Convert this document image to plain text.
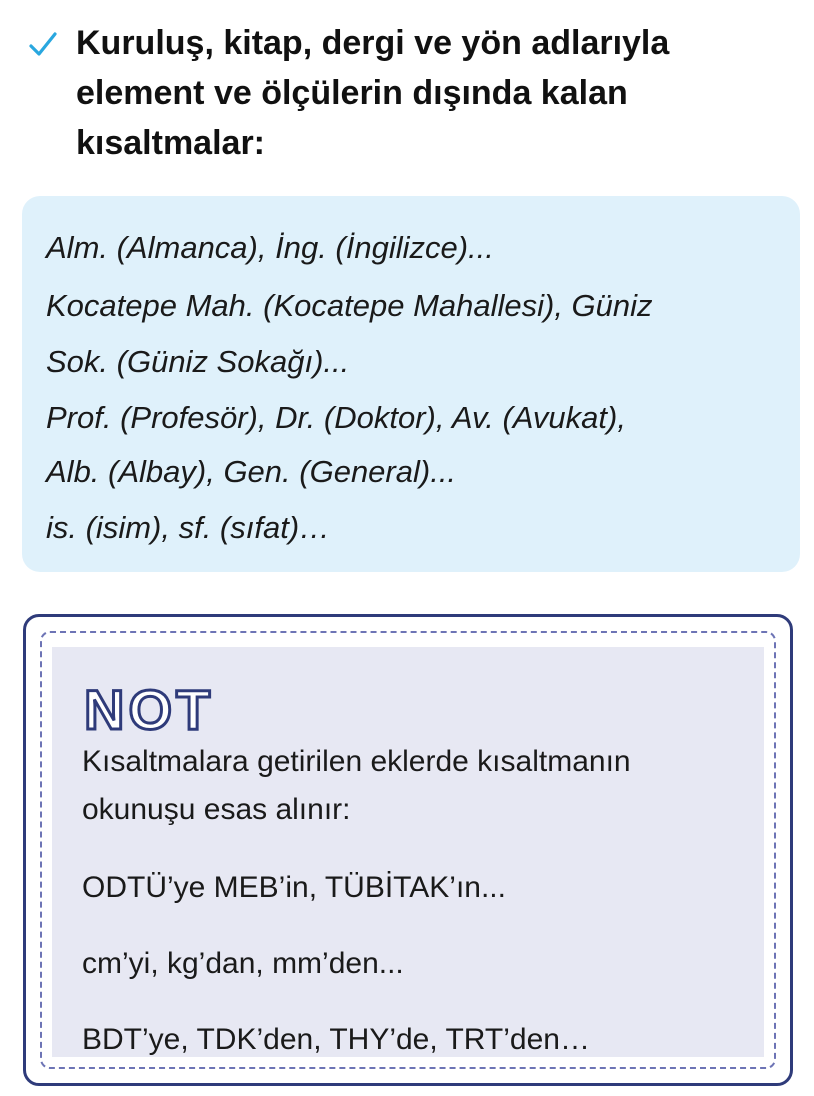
Kuruluş, kitap, dergi ve yön adlarıyla
element ve ölçülerin dışında kalan
kısaltmalar:
Alm. (Almanca), İng. (İngilizce)...
Kocatepe Mah. (Kocatepe Mahallesi), Güniz
Sok. (Güniz Sokağı)...
Prof. (Profesör), Dr. (Doktor), Av. (Avukat),
Alb. (Albay), Gen. (General)...
is. (isim), sf. (sıfat)…
NOT
Kısaltmalara getirilen eklerde kısaltmanın
okunuşu esas alınır:
ODTÜ’ye MEB’in, TÜBİTAK’ın...
cm’yi, kg’dan, mm’den...
BDT’ye, TDK’den, THY’de, TRT’den…
